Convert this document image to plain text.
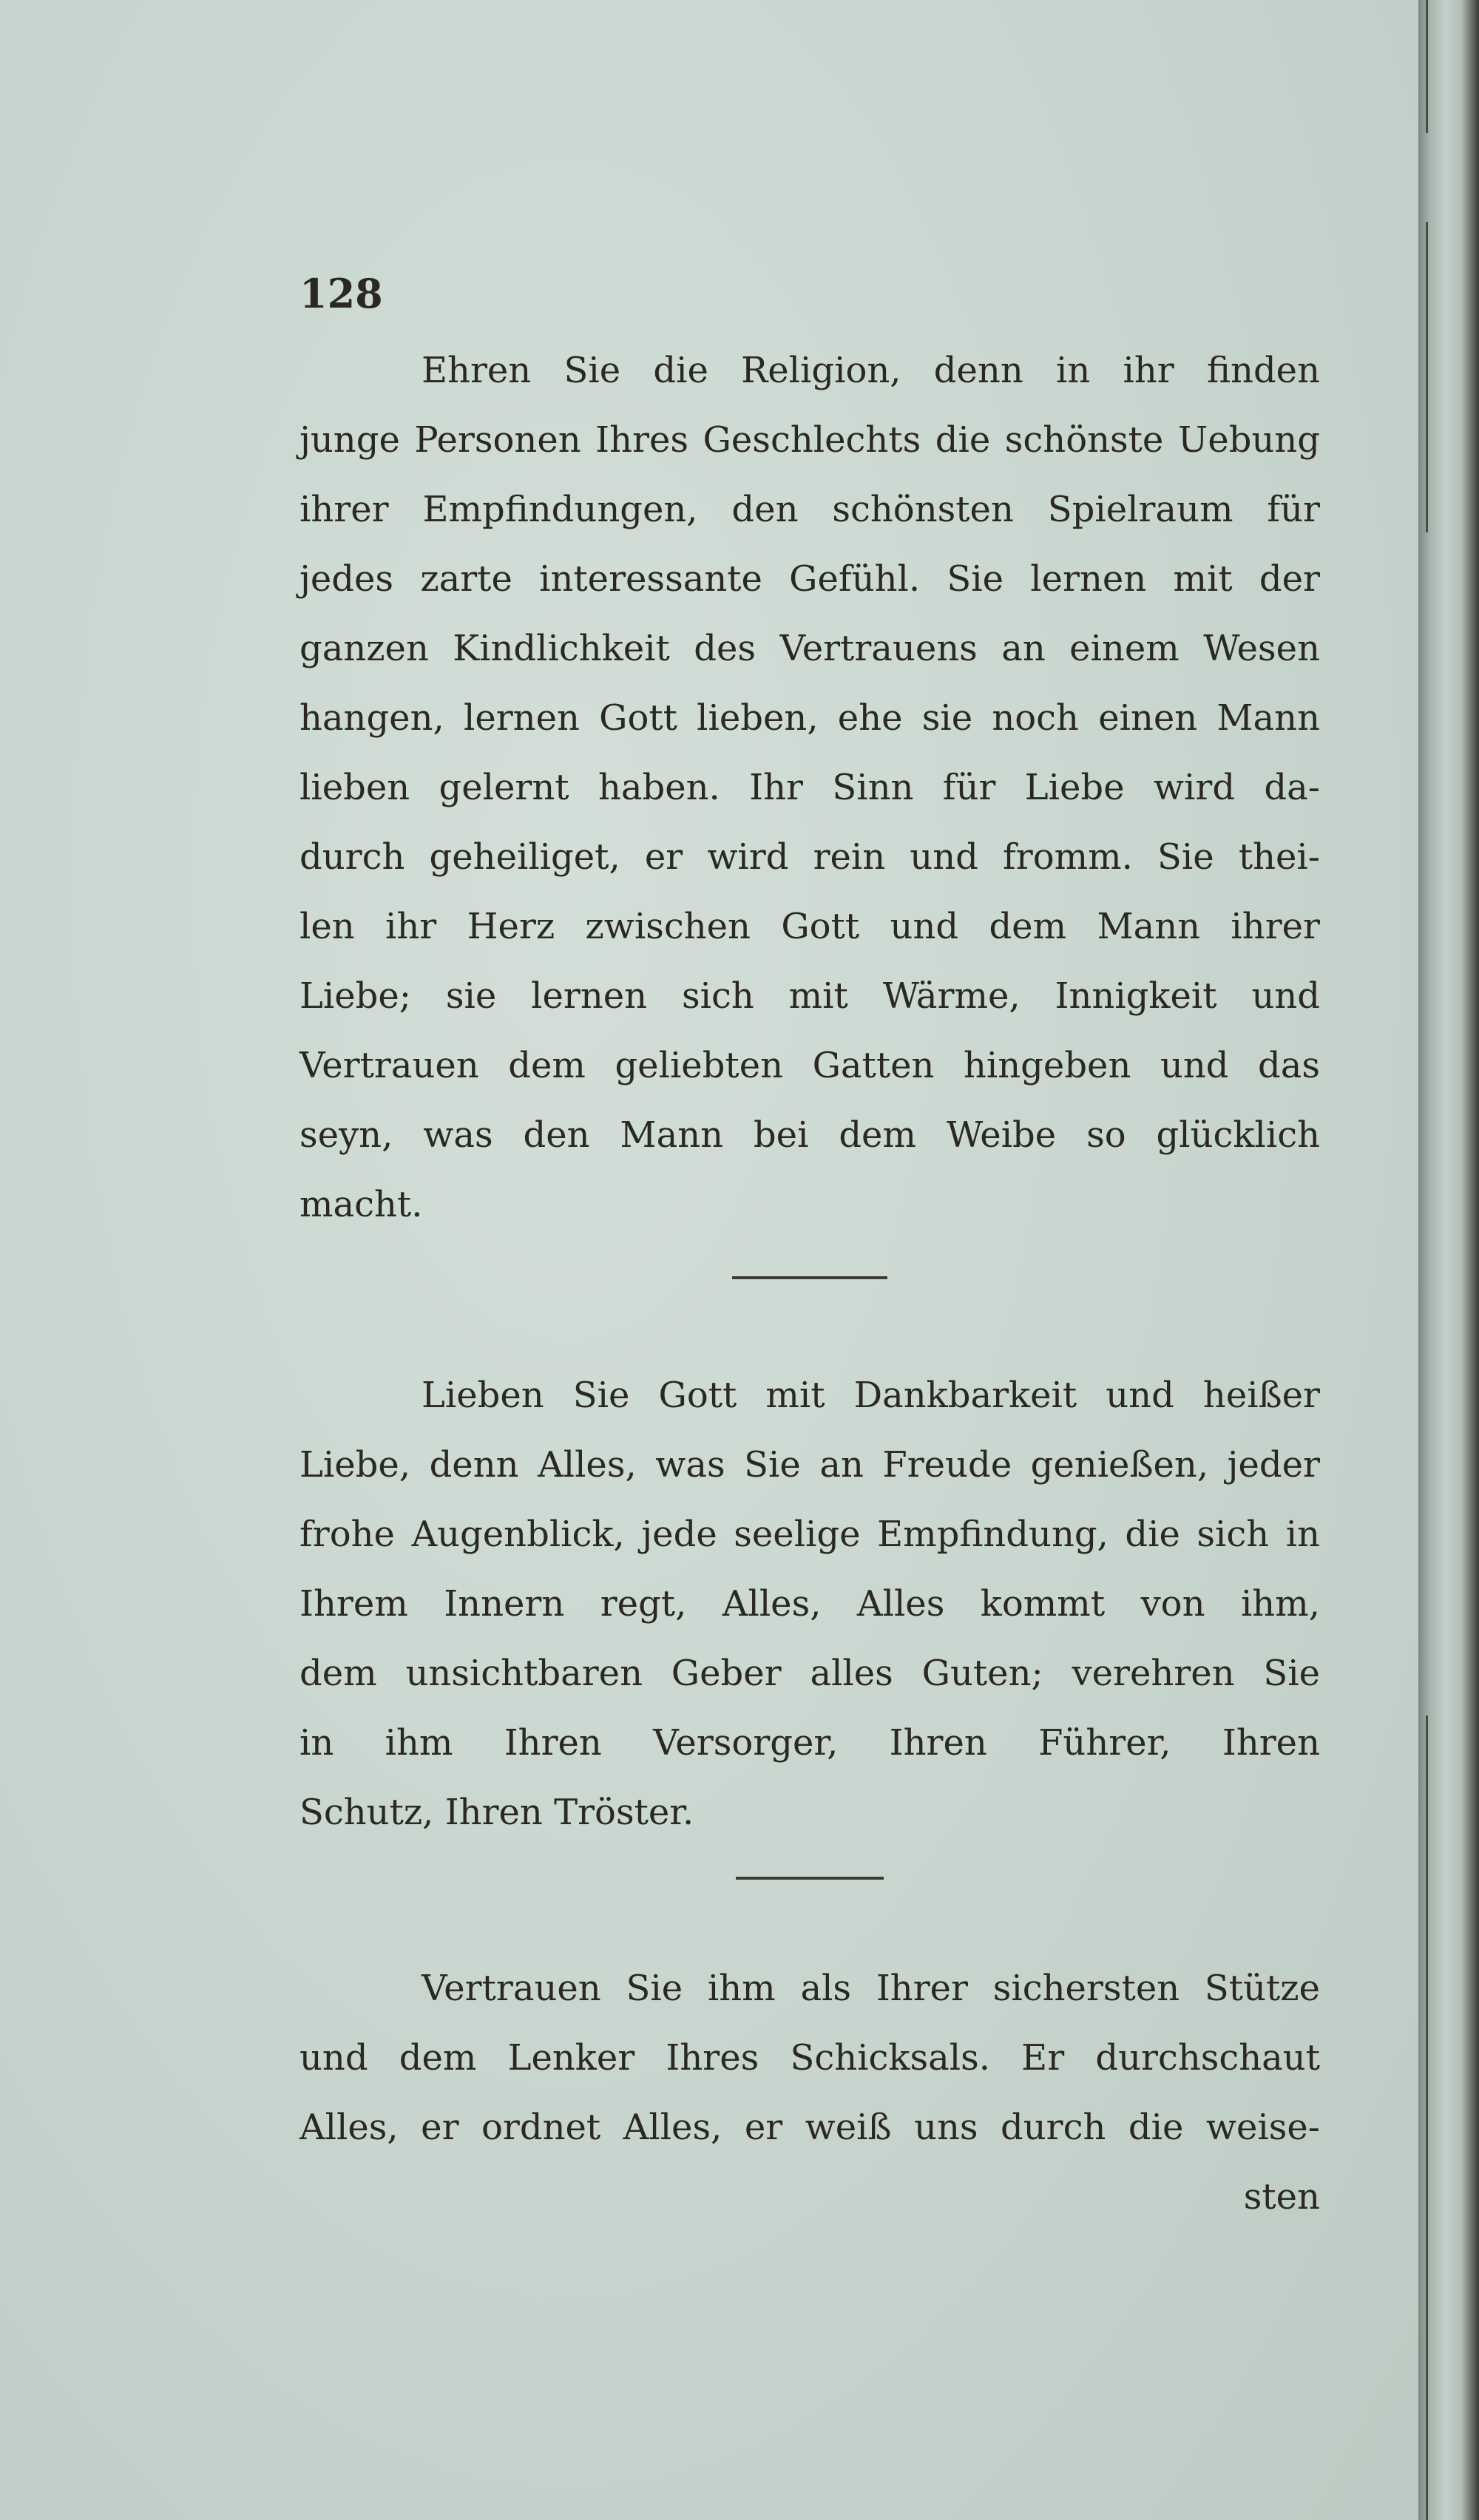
128
Ehren Sie die Religion, denn in ihr finden
junge Personen Ihres Geschlechts die schönste Uebung
ihrer Empfindungen, den schönsten Spielraum für
jedes zarte interessante Gefühl. Sie lernen mit der
ganzen Kindlichkeit des Vertrauens an einem Wesen
hangen, lernen Gott lieben, ehe sie noch einen Mann
lieben gelernt haben. Ihr Sinn für Liebe wird da-
durch geheiliget, er wird rein und fromm. Sie thei-
len ihr Herz zwischen Gott und dem Mann ihrer
Liebe; sie lernen sich mit Wärme, Innigkeit und
Vertrauen dem geliebten Gatten hingeben und das
seyn, was den Mann bei dem Weibe so glücklich
macht.
Lieben Sie Gott mit Dankbarkeit und heißer
Liebe, denn Alles, was Sie an Freude genießen, jeder
frohe Augenblick, jede seelige Empfindung, die sich in
Ihrem Innern regt, Alles, Alles kommt von ihm,
dem unsichtbaren Geber alles Guten; verehren Sie
in ihm Ihren Versorger, Ihren Führer, Ihren
Schutz, Ihren Tröster.
Vertrauen Sie ihm als Ihrer sichersten Stütze
und dem Lenker Ihres Schicksals. Er durchschaut
Alles, er ordnet Alles, er weiß uns durch die weise-
sten
